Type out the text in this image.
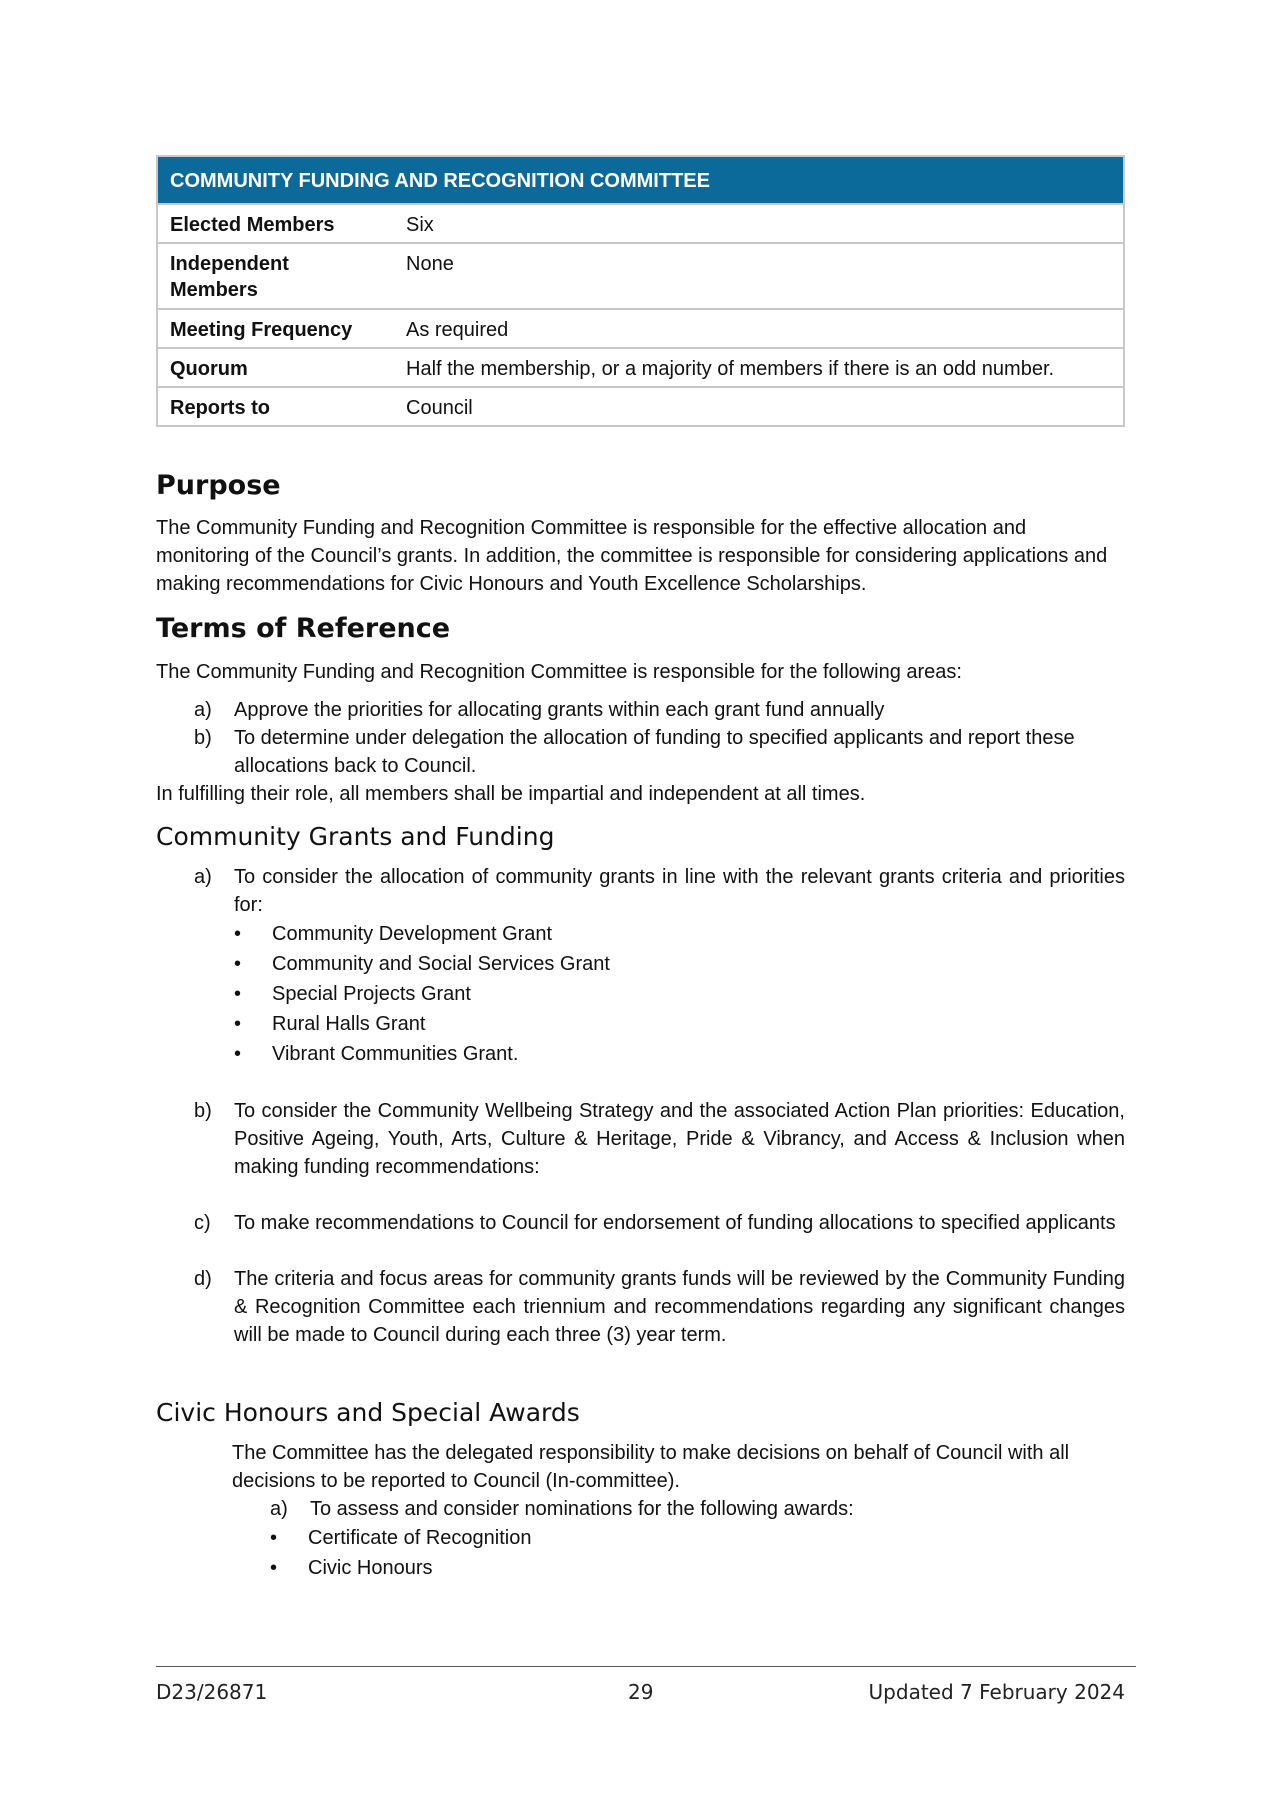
COMMUNITY FUNDING AND RECOGNITION COMMITTEE	
Elected Members	Six
Independent Members	None
Meeting Frequency	As required
Quorum	Half the membership, or a majority of members if there is an odd number.
Reports to	Council
Purpose

The Community Funding and Recognition Committee is responsible for the effective allocation and monitoring of the Council’s grants. In addition, the committee is responsible for considering applications and making recommendations for Civic Honours and Youth Excellence Scholarships.

Terms of Reference

The Community Funding and Recognition Committee is responsible for the following areas:

a) Approve the priorities for allocating grants within each grant fund annually
b) To determine under delegation the allocation of funding to specified applicants and report these allocations back to Council.

In fulfilling their role, all members shall be impartial and independent at all times.

Community Grants and Funding
a) To consider the allocation of community grants in line with the relevant grants criteria and priorities for:
• Community Development Grant
• Community and Social Services Grant
• Special Projects Grant
• Rural Halls Grant
• Vibrant Communities Grant.
b) To consider the Community Wellbeing Strategy and the associated Action Plan priorities: Education, Positive Ageing, Youth, Arts, Culture & Heritage, Pride & Vibrancy, and Access & Inclusion when making funding recommendations:
c) To make recommendations to Council for endorsement of funding allocations to specified applicants
d) The criteria and focus areas for community grants funds will be reviewed by the Community Funding & Recognition Committee each triennium and recommendations regarding any significant changes will be made to Council during each three (3) year term.
Civic Honours and Special Awards

The Committee has the delegated responsibility to make decisions on behalf of Council with all decisions to be reported to Council (In-committee).

a) To assess and consider nominations for the following awards:
• Certificate of Recognition
• Civic Honours
D23/26871	29	Updated 7 February 2024
